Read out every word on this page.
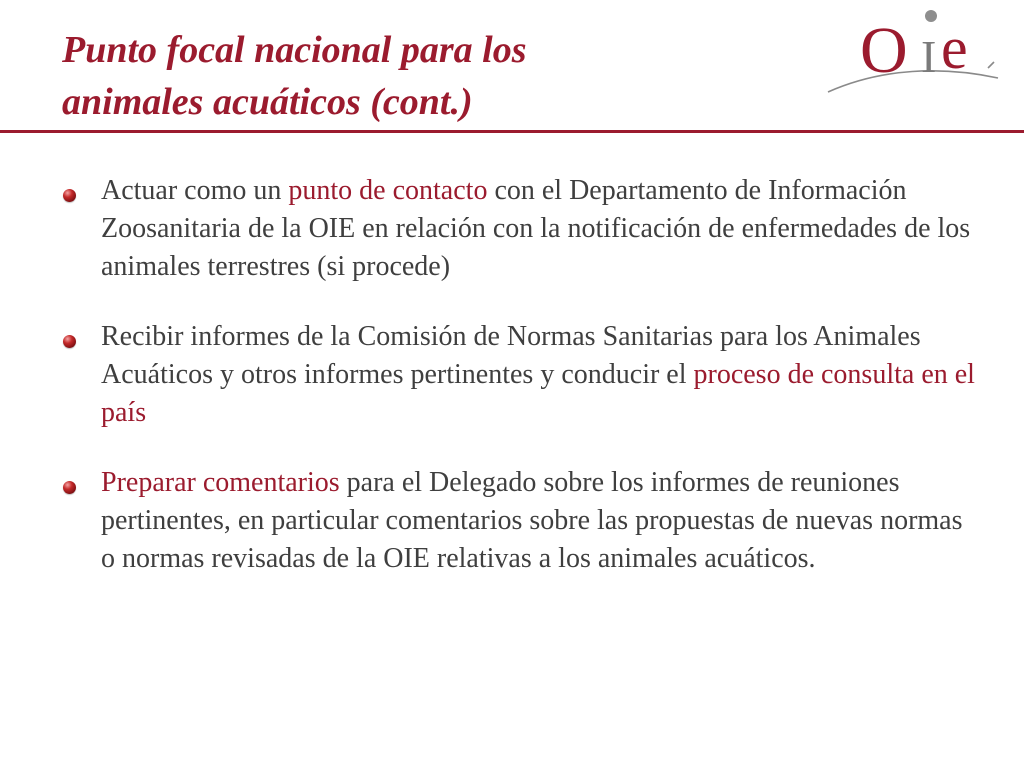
Punto focal nacional para los
animales acuáticos (cont.)
O I e
Actuar como un punto de contacto con el Departamento de Información Zoosanitaria de la OIE en relación con la notificación de enfermedades de los animales terrestres (si procede)
Recibir informes de la Comisión de Normas Sanitarias para los Animales Acuáticos y otros informes pertinentes y conducir el proceso de consulta en el país
Preparar comentarios para el Delegado sobre los informes de reuniones pertinentes, en particular comentarios sobre las propuestas de nuevas normas o normas revisadas de la OIE relativas a los animales acuáticos.
